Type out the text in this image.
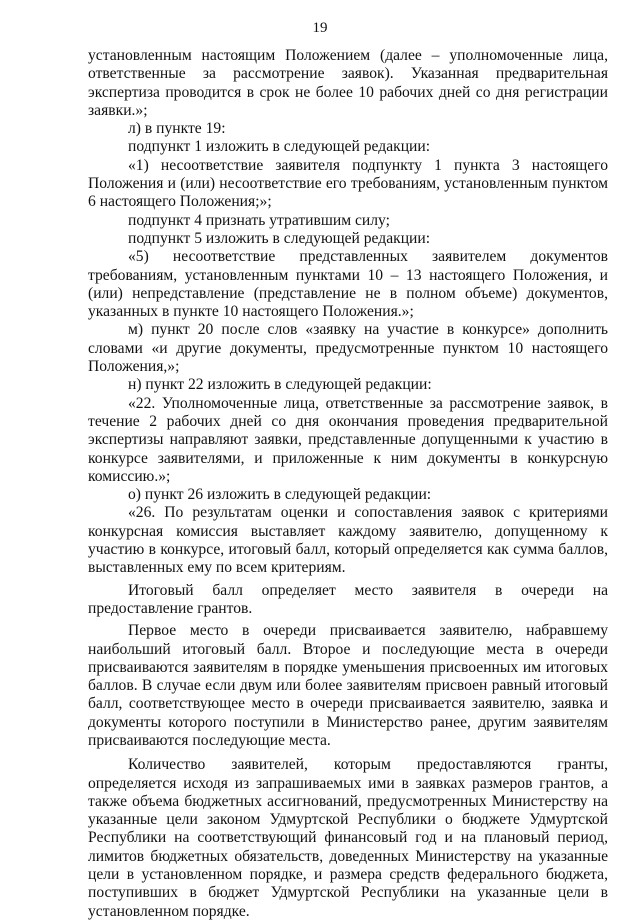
19

установленным настоящим Положением (далее – уполномоченные лица, ответственные за рассмотрение заявок). Указанная предварительная экспертиза проводится в срок не более 10 рабочих дней со дня регистрации заявки.»;

л) в пункте 19:

подпункт 1 изложить в следующей редакции:

«1) несоответствие заявителя подпункту 1 пункта 3 настоящего Положения и (или) несоответствие его требованиям, установленным пунктом 6 настоящего Положения;»;

подпункт 4 признать утратившим силу;

подпункт 5 изложить в следующей редакции:

«5) несоответствие представленных заявителем документов требованиям, установленным пунктами 10 – 13 настоящего Положения, и (или) непредставление (представление не в полном объеме) документов, указанных в пункте 10 настоящего Положения.»;

м) пункт 20 после слов «заявку на участие в конкурсе» дополнить словами «и другие документы, предусмотренные пунктом 10 настоящего Положения,»;

н) пункт 22 изложить в следующей редакции:

«22. Уполномоченные лица, ответственные за рассмотрение заявок, в течение 2 рабочих дней со дня окончания проведения предварительной экспертизы направляют заявки, представленные допущенными к участию в конкурсе заявителями, и приложенные к ним документы в конкурсную комиссию.»;

о) пункт 26 изложить в следующей редакции:

«26. По результатам оценки и сопоставления заявок с критериями конкурсная комиссия выставляет каждому заявителю, допущенному к участию в конкурсе, итоговый балл, который определяется как сумма баллов, выставленных ему по всем критериям.

Итоговый балл определяет место заявителя в очереди на предоставление грантов.

Первое место в очереди присваивается заявителю, набравшему наибольший итоговый балл. Второе и последующие места в очереди присваиваются заявителям в порядке уменьшения присвоенных им итоговых баллов. В случае если двум или более заявителям присвоен равный итоговый балл, соответствующее место в очереди присваивается заявителю, заявка и документы которого поступили в Министерство ранее, другим заявителям присваиваются последующие места.

Количество заявителей, которым предоставляются гранты, определяется исходя из запрашиваемых ими в заявках размеров грантов, а также объема бюджетных ассигнований, предусмотренных Министерству на указанные цели законом Удмуртской Республики о бюджете Удмуртской Республики на соответствующий финансовый год и на плановый период, лимитов бюджетных обязательств, доведенных Министерству на указанные цели в установленном порядке, и размера средств федерального бюджета, поступивших в бюджет Удмуртской Республики на указанные цели в установленном порядке.
